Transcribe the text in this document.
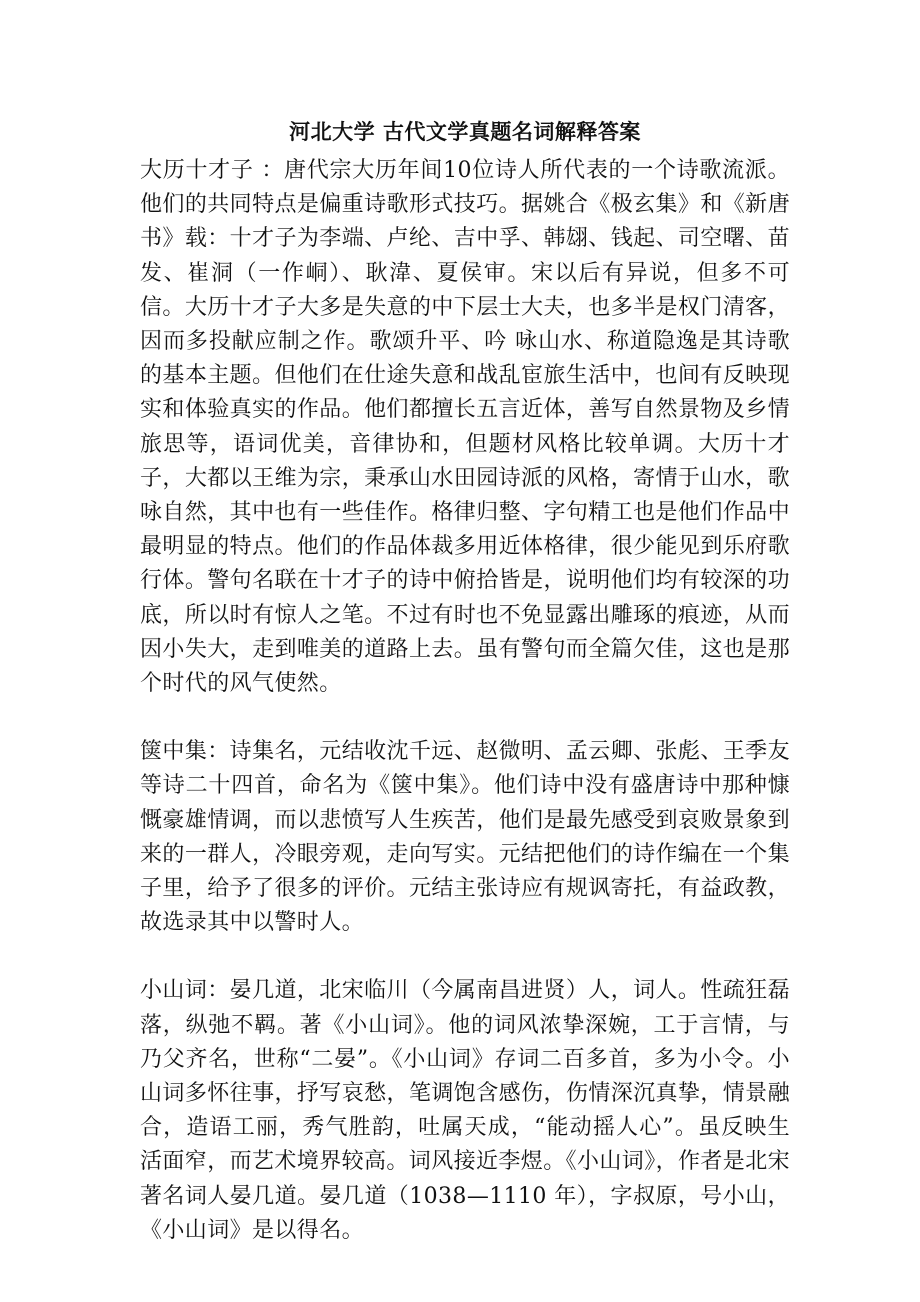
河北大学 古代文学真题名词解释答案

大历十才子 ：唐代宗大历年间10位诗人所代表的一个诗歌流派。他们的共同特点是偏重诗歌形式技巧。据姚合《极玄集》和《新唐书》载：十才子为李端、卢纶、吉中孚、韩翃、钱起、司空曙、苗发、崔洞（一作峒）、耿湋、夏侯审。宋以后有异说，但多不可信。大历十才子大多是失意的中下层士大夫，也多半是权门清客，因而多投献应制之作。歌颂升平、吟 咏山水、称道隐逸是其诗歌的基本主题。但他们在仕途失意和战乱宦旅生活中，也间有反映现实和体验真实的作品。他们都擅长五言近体，善写自然景物及乡情旅思等，语词优美，音律协和，但题材风格比较单调。大历十才子，大都以王维为宗，秉承山水田园诗派的风格，寄情于山水，歌咏自然，其中也有一些佳作。格律归整、字句精工也是他们作品中最明显的特点。他们的作品体裁多用近体格律，很少能见到乐府歌行体。警句名联在十才子的诗中俯拾皆是，说明他们均有较深的功底，所以时有惊人之笔。不过有时也不免显露出雕琢的痕迹，从而因小失大，走到唯美的道路上去。虽有警句而全篇欠佳，这也是那个时代的风气使然。

箧中集：诗集名，元结收沈千远、赵微明、孟云卿、张彪、王季友等诗二十四首，命名为《箧中集》。他们诗中没有盛唐诗中那种慷慨豪雄情调，而以悲愤写人生疾苦，他们是最先感受到哀败景象到来的一群人，冷眼旁观，走向写实。元结把他们的诗作编在一个集子里，给予了很多的评价。元结主张诗应有规讽寄托，有益政教，故选录其中以警时人。

小山词：晏几道，北宋临川（今属南昌进贤）人，词人。性疏狂磊落，纵弛不羁。著《小山词》。他的词风浓挚深婉，工于言情，与乃父齐名，世称“二晏”。《小山词》存词二百多首，多为小令。小山词多怀往事，抒写哀愁，笔调饱含感伤，伤情深沉真挚，情景融合，造语工丽，秀气胜韵，吐属天成，“能动摇人心”。虽反映生活面窄，而艺术境界较高。词风接近李煜。《小山词》，作者是北宋著名词人晏几道。晏几道（1038—1110 年），字叔原，号小山，《小山词》是以得名。
